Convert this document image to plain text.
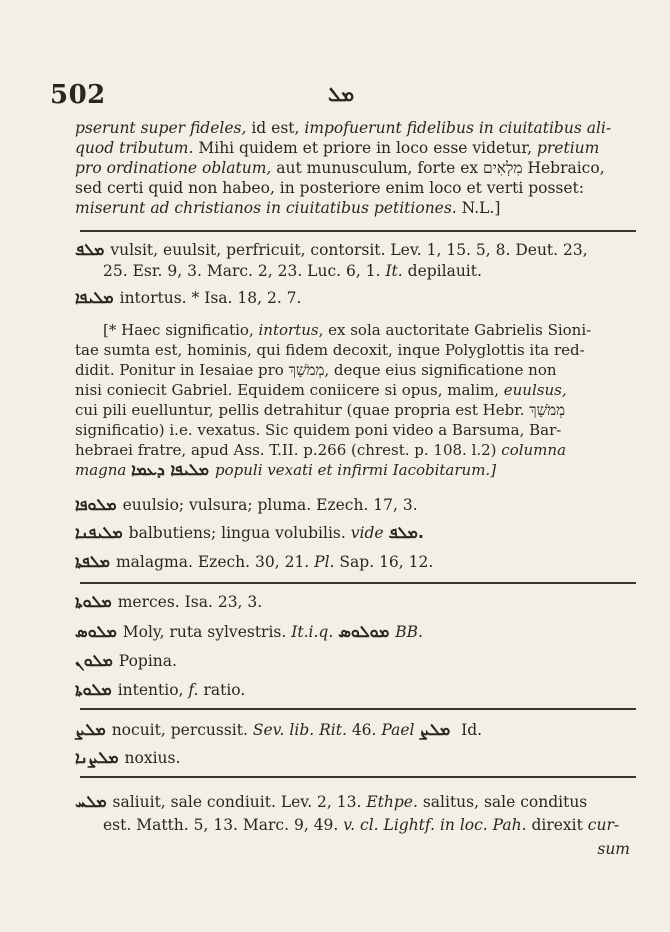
502	ܡܠ
pserunt super fideles, id est, impofuerunt fidelibus in ciuitatibus ali-
quod tributum. Mihi quidem et priore in loco esse videtur, pretium
pro ordinatione oblatum, aut munusculum, forte ex מִלְאִים Hebraico,
sed certi quid non habeo, in posteriore enim loco et verti posset:
miserunt ad christianos in ciuitatibus petitiones. N.L.]
ܡܠܦ vulsit, euulsit, perfricuit, contorsit. Lev. 1, 15. 5, 8. Deut. 23,
25. Esr. 9, 3. Marc. 2, 23. Luc. 6, 1. It. depilauit.
ܡܠܝܦܐ intortus. * Isa. 18, 2. 7.
[* Haec significatio, intortus, ex sola auctoritate Gabrielis Sioni-
tae sumta est, hominis, qui fidem decoxit, inque Polyglottis ita red-
didit. Ponitur in Iesaiae pro מְמֹשָׁךְ, deque eius significatione non
nisi coniecit Gabriel. Equidem coniicere si opus, malim, euulsus,
cui pili euelluntur, pellis detrahitur (quae propria est Hebr. מְמֹשָׁךְ
significatio) i.e. vexatus. Sic quidem poni video a Barsuma, Bar-
hebraei fratre, apud Ass. T.II. p.266 (chrest. p. 108. l.2) columna
magna ܡܠܝܦܐ ܕܥܡܐ populi vexati et infirmi Iacobitarum.]
ܡܠܘܦܐ euulsio; vulsura; pluma. Ezech. 17, 3.
ܡܠܝܦܢܐ balbutiens; lingua volubilis. vide ܡܠܦ.
ܡܠܦܬܐ malagma. Ezech. 30, 21. Pl. Sap. 16, 12.
ܡܠܘܬܐ merces. Isa. 23, 3.
ܡܠܘܣ Moly, ruta sylvestris. It.i.q. ܡܘܠܘܣ BB.
ܡܠܘܢ Popina.
ܡܠܘܬܐ intentio, f. ratio.
ܡܠܨ nocuit, percussit. Sev. lib. Rit. 46. Pael ܡܠܨ Id.
ܡܠܨܢܐ noxius.
ܡܠܚ saliuit, sale condiuit. Lev. 2, 13. Ethpe. salitus, sale conditus
est. Matth. 5, 13. Marc. 9, 49. v. cl. Lightf. in loc. Pah. direxit cur-
sum
